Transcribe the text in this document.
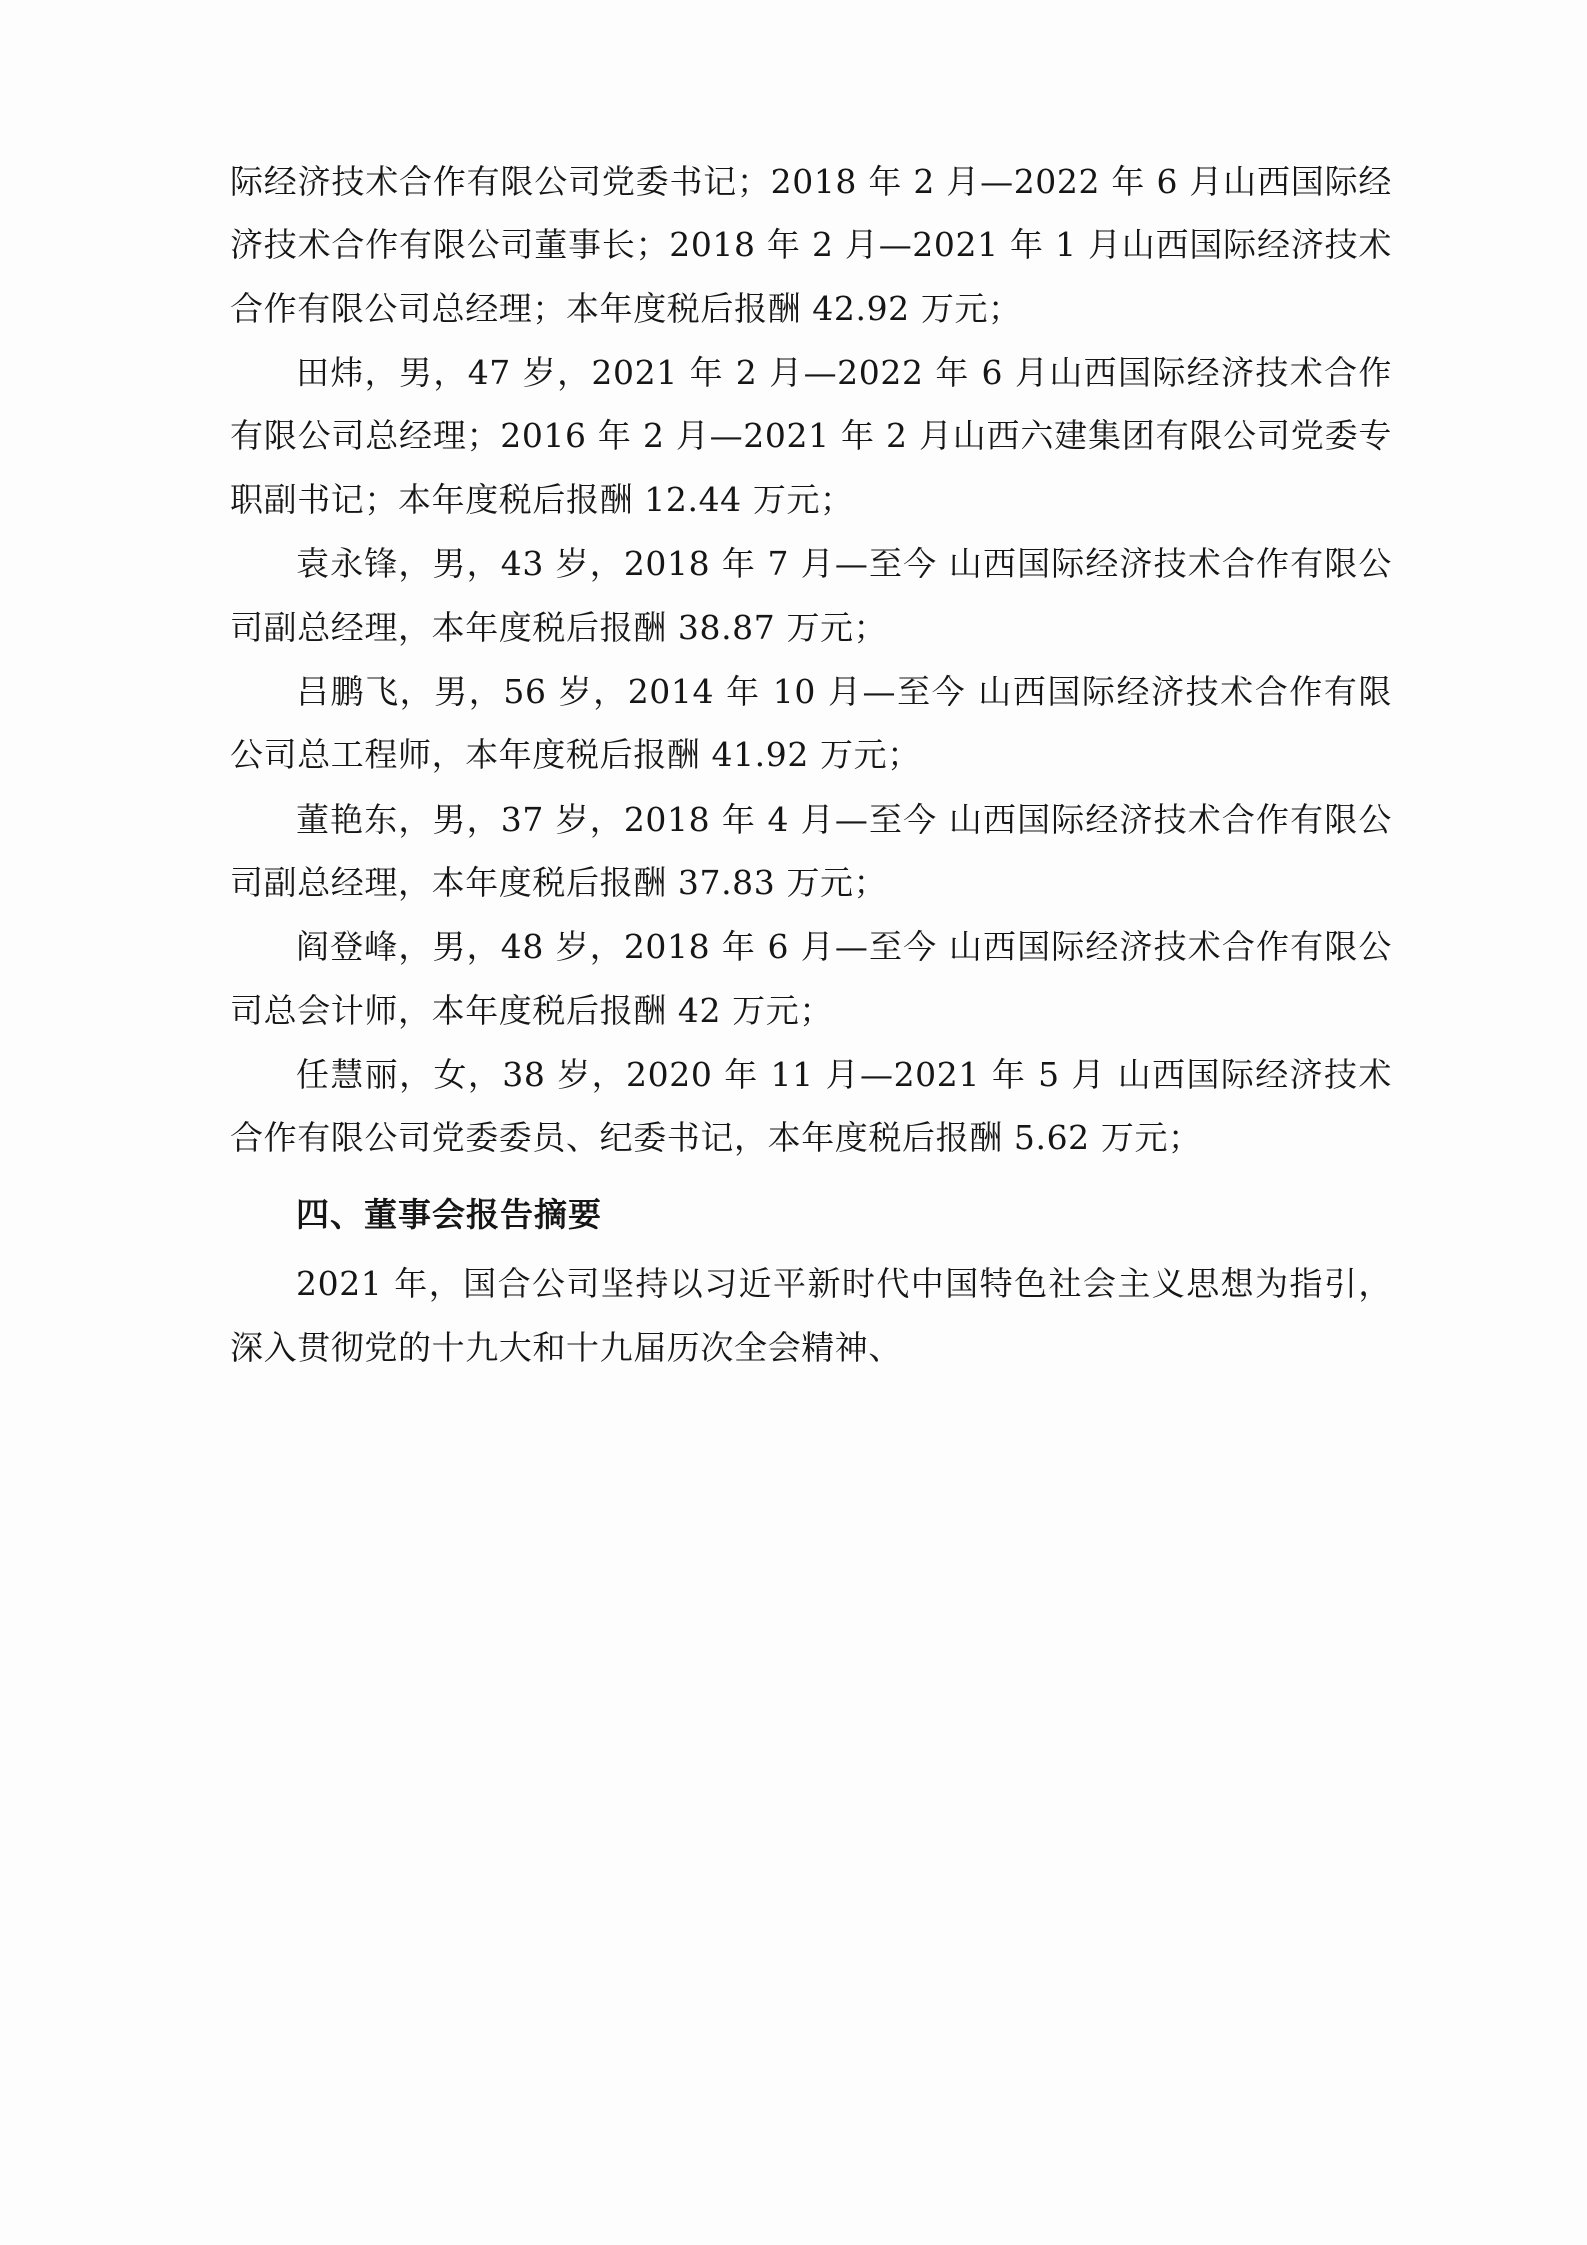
际经济技术合作有限公司党委书记；2018 年 2 月—2022 年 6 月山西国际经济技术合作有限公司董事长；2018 年 2 月—2021 年 1 月山西国际经济技术合作有限公司总经理；本年度税后报酬 42.92 万元；

田炜，男，47 岁，2021 年 2 月—2022 年 6 月山西国际经济技术合作有限公司总经理；2016 年 2 月—2021 年 2 月山西六建集团有限公司党委专职副书记；本年度税后报酬 12.44 万元；

袁永锋，男，43 岁，2018 年 7 月—至今 山西国际经济技术合作有限公司副总经理，本年度税后报酬 38.87 万元；

吕鹏飞，男，56 岁，2014 年 10 月—至今 山西国际经济技术合作有限公司总工程师，本年度税后报酬 41.92 万元；

董艳东，男，37 岁，2018 年 4 月—至今 山西国际经济技术合作有限公司副总经理，本年度税后报酬 37.83 万元；

阎登峰，男，48 岁，2018 年 6 月—至今 山西国际经济技术合作有限公司总会计师，本年度税后报酬 42 万元；

任慧丽，女，38 岁，2020 年 11 月—2021 年 5 月 山西国际经济技术合作有限公司党委委员、纪委书记，本年度税后报酬 5.62 万元；

四、董事会报告摘要

2021 年，国合公司坚持以习近平新时代中国特色社会主义思想为指引，深入贯彻党的十九大和十九届历次全会精神、
